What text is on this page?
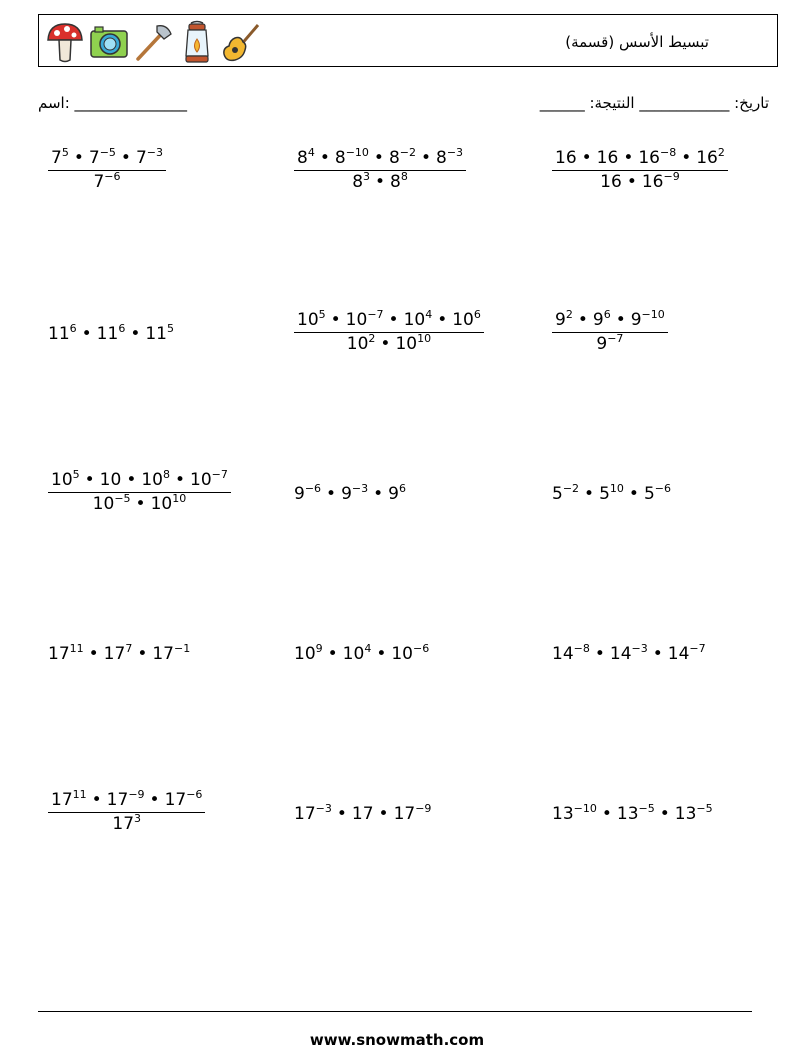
تبسيط الأسس (قسمة)
اسم: _______________	______ :تاريخ: ____________ النتيجة
$\frac{7^5 • 7^{-5} • 7^{-3}}{7^{-6}}$	$\frac{8^4 • 8^{-10} • 8^{-2} • 8^{-3}}{8^3 • 8^8}$	$\frac{16 • 16 • 16^{-8} • 16^2}{16 • 16^{-9}}$
$11^6$ • $11^6$ • $11^5$	$\frac{10^5 • 10^{-7} • 10^4 • 10^6}{10^2 • 10^{10}}$	$\frac{9^2 • 9^6 • 9^{-10}}{9^{-7}}$
$\frac{10^5 • 10 • 10^8 • 10^{-7}}{10^{-5} • 10^{10}}$	$9^{-6}$ • $9^{-3}$ • $9^6$	$5^{-2}$ • $5^{10}$ • $5^{-6}$
$17^{11}$ • $17^7$ • $17^{-1}$	$10^9$ • $10^4$ • $10^{-6}$	$14^{-8}$ • $14^{-3}$ • $14^{-7}$
$\frac{17^{11} • 17^{-9} • 17^{-6}}{17^3}$	$17^{-3}$ • 17 • $17^{-9}$	$13^{-10}$ • $13^{-5}$ • $13^{-5}$
www.snowmath.com
